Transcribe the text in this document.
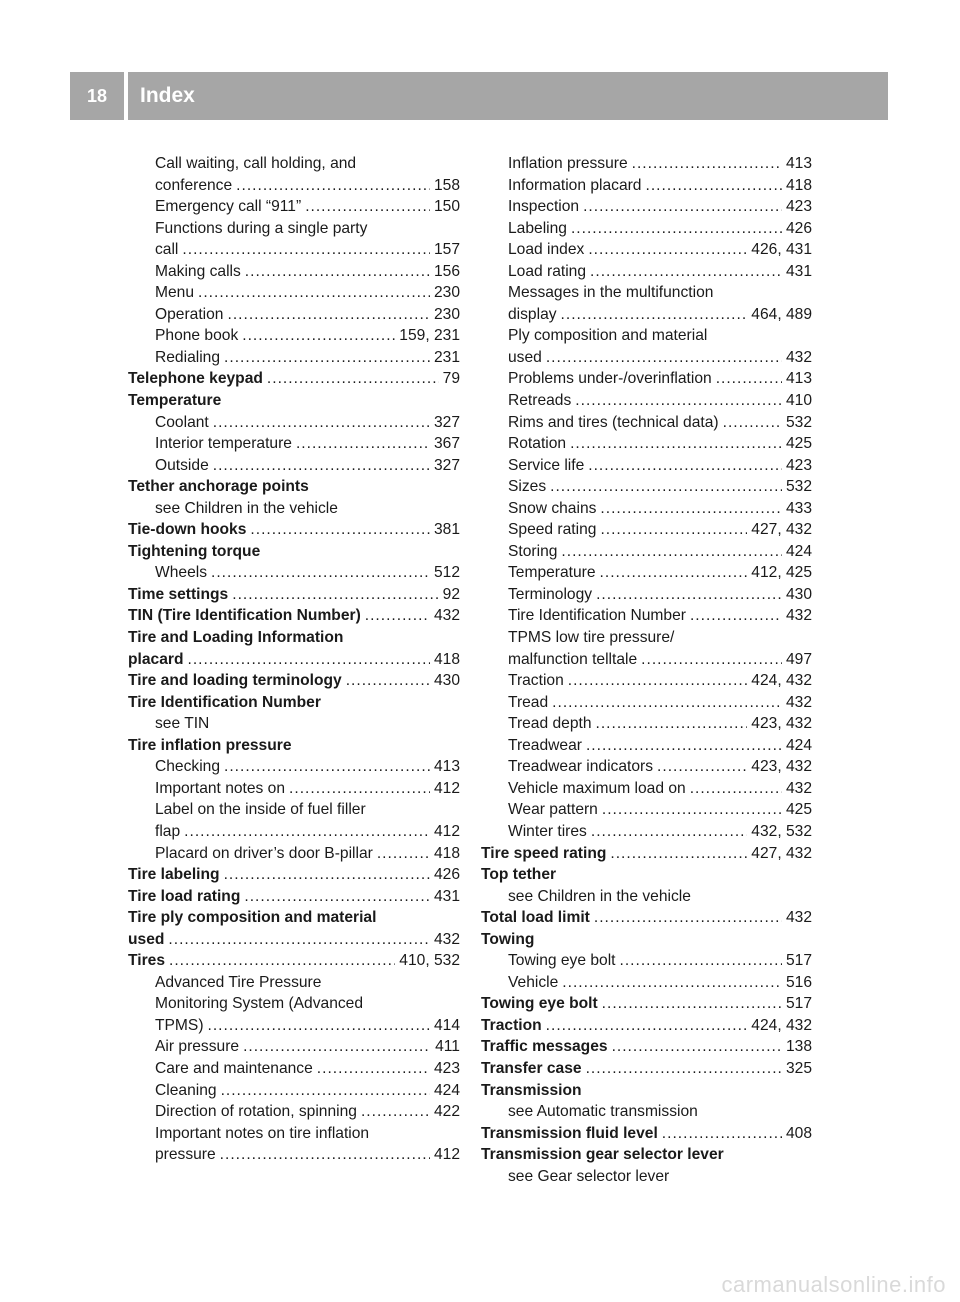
18	Index
Call waiting, call holding, and
conference .....	158
Emergency call “911” .....	150
Functions during a single party
call .....	157
Making calls .....	156
Menu .....	230
Operation .....	230
Phone book .....	159, 231
Redialing .....	231
Telephone keypad .....	79
Temperature
Coolant .....	327
Interior temperature .....	367
Outside .....	327
Tether anchorage points
see Children in the vehicle
Tie-down hooks .....	381
Tightening torque
Wheels .....	512
Time settings .....	92
TIN (Tire Identification Number) .....	432
Tire and Loading Information
placard .....	418
Tire and loading terminology .....	430
Tire Identification Number
see TIN
Tire inflation pressure
Checking .....	413
Important notes on .....	412
Label on the inside of fuel filler
flap .....	412
Placard on driver’s door B-pillar .....	418
Tire labeling .....	426
Tire load rating .....	431
Tire ply composition and material
used .....	432
Tires .....	410, 532
Advanced Tire Pressure
Monitoring System (Advanced
TPMS) .....	414
Air pressure .....	411
Care and maintenance .....	423
Cleaning .....	424
Direction of rotation, spinning .....	422
Important notes on tire inflation
pressure .....	412
Inflation pressure .....	413
Information placard .....	418
Inspection .....	423
Labeling .....	426
Load index .....	426, 431
Load rating .....	431
Messages in the multifunction
display .....	464, 489
Ply composition and material
used .....	432
Problems under-/overinflation .....	413
Retreads .....	410
Rims and tires (technical data) .....	532
Rotation .....	425
Service life .....	423
Sizes .....	532
Snow chains .....	433
Speed rating .....	427, 432
Storing .....	424
Temperature .....	412, 425
Terminology .....	430
Tire Identification Number .....	432
TPMS low tire pressure/
malfunction telltale .....	497
Traction .....	424, 432
Tread .....	432
Tread depth .....	423, 432
Treadwear .....	424
Treadwear indicators .....	423, 432
Vehicle maximum load on .....	432
Wear pattern .....	425
Winter tires .....	432, 532
Tire speed rating .....	427, 432
Top tether
see Children in the vehicle
Total load limit .....	432
Towing
Towing eye bolt .....	517
Vehicle .....	516
Towing eye bolt .....	517
Traction .....	424, 432
Traffic messages .....	138
Transfer case .....	325
Transmission
see Automatic transmission
Transmission fluid level .....	408
Transmission gear selector lever
see Gear selector lever
carmanualsonline.info
